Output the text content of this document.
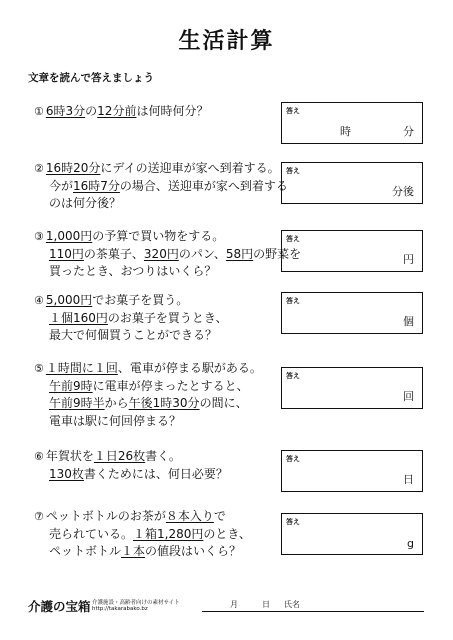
生活計算
文章を読んで答えましょう
① 6時3分の12分前は何時何分？	答え
時	分
② 16時20分にデイの送迎車が家へ到着する。
今が16時7分の場合、送迎車が家へ到着する
のは何分後？
答え
分後
③ 1,000円の予算で買い物をする。
110円の茶菓子、320円のパン、58円の野菜を
買ったとき、おつりはいくら？
答え
円
④ 5,000円でお菓子を買う。
１個160円のお菓子を買うとき、
最大で何個買うことができる？
答え
個
⑤ １時間に１回、電車が停まる駅がある。
午前9時に電車が停まったとすると、
午前9時半から午後1時30分の間に、
電車は駅に何回停まる？
答え
回
⑥ 年賀状を１日26枚書く。
130枚書くためには、何日必要？
答え
日
⑦ ペットボトルのお茶が８本入りで
売られている。１箱1,280円のとき、
ペットボトル１本の値段はいくら？
答え
g
介護の宝箱 介護施設・高齢者向けの素材サイト
http://takarabako.bz	月	日 氏名
